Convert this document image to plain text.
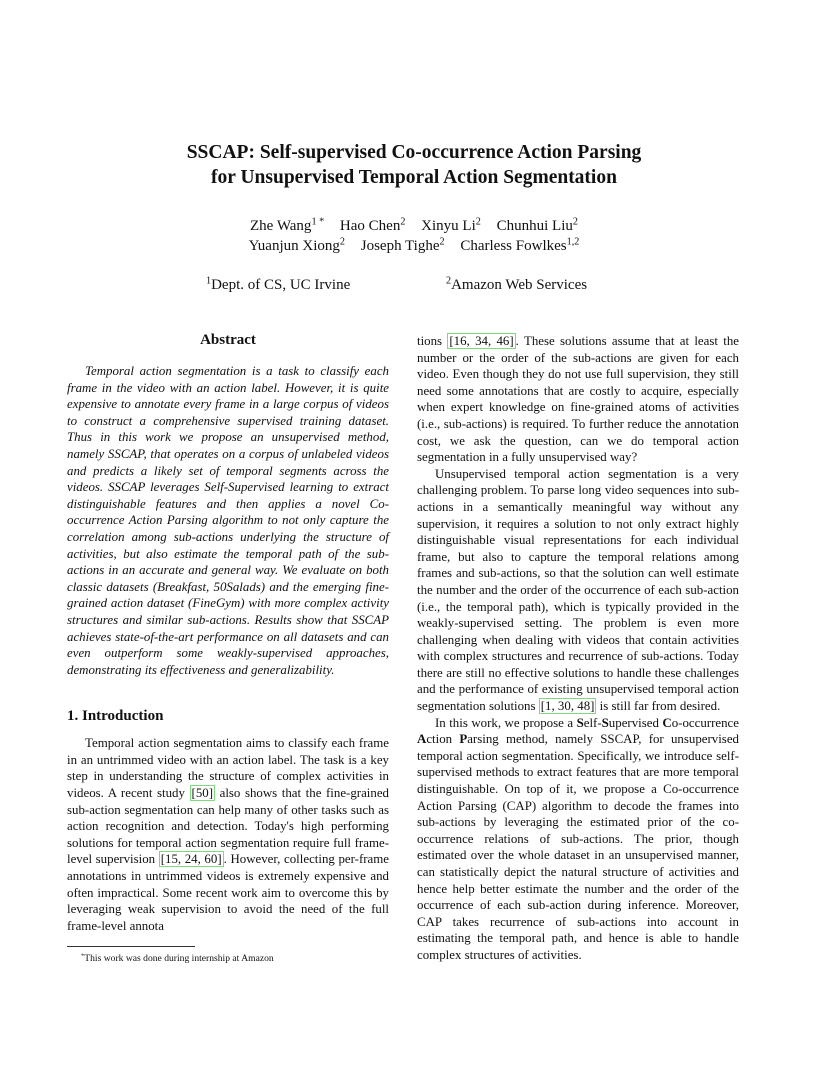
SSCAP: Self-supervised Co-occurrence Action Parsing
for Unsupervised Temporal Action Segmentation
Zhe Wang$^{1 *}$ Hao Chen$^2$ Xinyu Li$^2$ Chunhui Liu$^2$
Yuanjun Xiong$^2$ Joseph Tighe$^2$ Charless Fowlkes$^{1,2}$
$^1$Dept. of CS, UC Irvine	$^2$Amazon Web Services
Abstract

Temporal action segmentation is a task to classify each frame in the video with an action label. However, it is quite expensive to annotate every frame in a large corpus of videos to construct a comprehensive supervised training dataset. Thus in this work we propose an unsupervised method, namely SSCAP, that operates on a corpus of unlabeled videos and predicts a likely set of temporal segments across the videos. SSCAP leverages Self-Supervised learning to extract distinguishable features and then applies a novel Co-occurrence Action Parsing algorithm to not only capture the correlation among sub-actions underlying the structure of activities, but also estimate the temporal path of the sub-actions in an accurate and general way. We evaluate on both classic datasets (Breakfast, 50Salads) and the emerging fine-grained action dataset (FineGym) with more complex activity structures and similar sub-actions. Results show that SSCAP achieves state-of-the-art performance on all datasets and can even outperform some weakly-supervised approaches, demonstrating its effectiveness and generalizability.

1. Introduction

Temporal action segmentation aims to classify each frame in an untrimmed video with an action label. The task is a key step in understanding the structure of complex activities in videos. A recent study [50] also shows that the fine-grained sub-action segmentation can help many of other tasks such as action recognition and detection. Today's high performing solutions for temporal action segmentation require full frame-level supervision [15, 24, 60] . However, collecting per-frame annotations in untrimmed videos is extremely expensive and often impractical. Some recent work aim to overcome this by leveraging weak supervision to avoid the need of the full frame-level annota

tions [16, 34, 46] . These solutions assume that at least the number or the order of the sub-actions are given for each video. Even though they do not use full supervision, they still need some annotations that are costly to acquire, especially when expert knowledge on fine-grained atoms of activities (i.e., sub-actions) is required. To further reduce the annotation cost, we ask the question, can we do temporal action segmentation in a fully unsupervised way?

Unsupervised temporal action segmentation is a very challenging problem. To parse long video sequences into sub-actions in a semantically meaningful way without any supervision, it requires a solution to not only extract highly distinguishable visual representations for each individual frame, but also to capture the temporal relations among frames and sub-actions, so that the solution can well estimate the number and the order of the occurrence of each sub-action (i.e., the temporal path), which is typically provided in the weakly-supervised setting. The problem is even more challenging when dealing with videos that contain activities with complex structures and recurrence of sub-actions. Today there are still no effective solutions to handle these challenges and the performance of existing unsupervised temporal action segmentation solutions [1, 30, 48] is still far from desired.

In this work, we propose a Self-Supervised Co-occurrence Action Parsing method, namely SSCAP, for unsupervised temporal action segmentation. Specifically, we introduce self-supervised methods to extract features that are more temporal distinguishable. On top of it, we propose a Co-occurrence Action Parsing (CAP) algorithm to decode the frames into sub-actions by leveraging the estimated prior of the co-occurrence relations of sub-actions. The prior, though estimated over the whole dataset in an unsupervised manner, can statistically depict the natural structure of activities and hence help better estimate the number and the order of the occurrence of each sub-action during inference. Moreover, CAP takes recurrence of sub-actions into account in estimating the temporal path, and hence is able to handle complex structures of activities.

*This work was done during internship at Amazon
